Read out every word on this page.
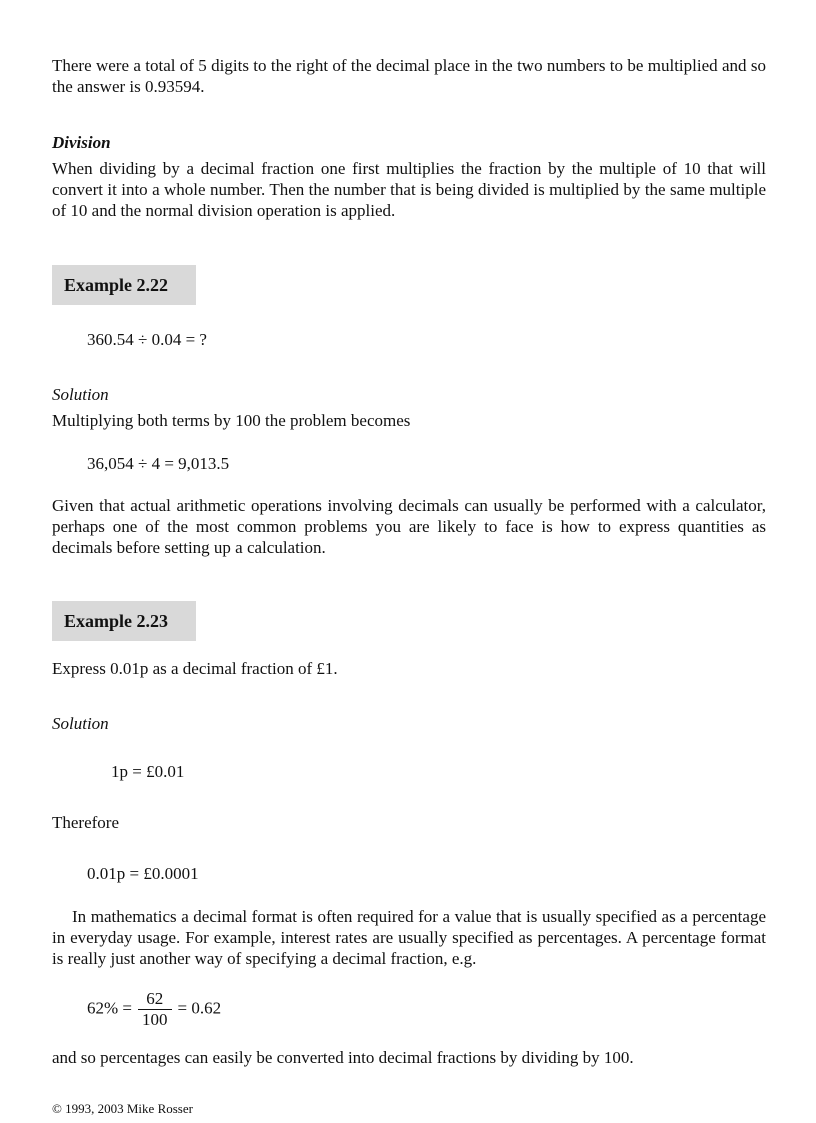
There were a total of 5 digits to the right of the decimal place in the two numbers to be multiplied and so the answer is 0.93594.

Division

When dividing by a decimal fraction one first multiplies the fraction by the multiple of 10 that will convert it into a whole number. Then the number that is being divided is multiplied by the same multiple of 10 and the normal division operation is applied.

Example 2.22
360.54 ÷ 0.04 = ?
Solution
Multiplying both terms by 100 the problem becomes
36,054 ÷ 4 = 9,013.5

Given that actual arithmetic operations involving decimals can usually be performed with a calculator, perhaps one of the most common problems you are likely to face is how to express quantities as decimals before setting up a calculation.

Example 2.23
Express 0.01p as a decimal fraction of £1.
Solution
1p = £0.01
Therefore
0.01p = £0.0001

In mathematics a decimal format is often required for a value that is usually specified as a percentage in everyday usage. For example, interest rates are usually specified as percentages. A percentage format is really just another way of specifying a decimal fraction, e.g.

$62\% = \frac{62}{100} = 0.62$
and so percentages can easily be converted into decimal fractions by dividing by 100.
© 1993, 2003 Mike Rosser
